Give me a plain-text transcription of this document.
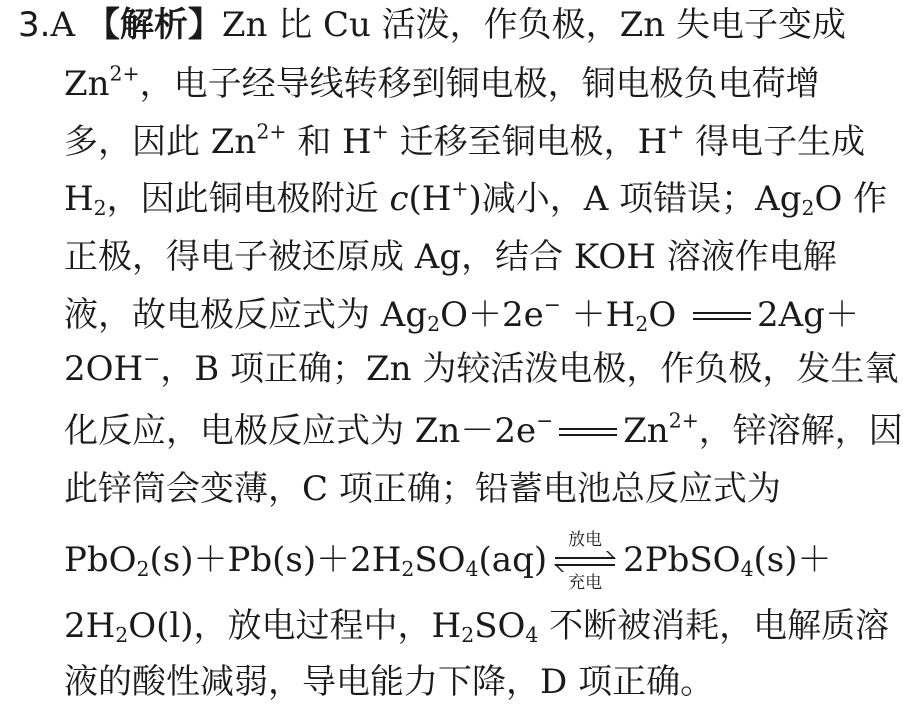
3.A 【解析】Zn 比 Cu 活泼，作负极，Zn 失电子变成
$Zn^{2+}$，电子经导线转移到铜电极，铜电极负电荷增
多，因此 $Zn^{2+}$ 和 H+ 迁移至铜电极，H+ 得电子生成
$H_2$，因此铜电极附近 c(H+)减小，A 项错误；$Ag_2O$ 作
正极，得电子被还原成 Ag，结合 KOH 溶液作电解
液，故电极反应式为 $Ag_2O+2e^- +H_2O$ 2Ag＋
2OH−，B 项正确；Zn 为较活泼电极，作负极，发生氧
化反应，电极反应式为 Zn－2e− $Zn^{2+}$，锌溶解，因
此锌筒会变薄，C 项正确；铅蓄电池总反应式为
$PbO_2(s)+Pb(s)+2H_2SO_4(aq)$	放电
充电
2PbSO$_4$(s)＋
$2H_2O(l)$，放电过程中，$H_2SO_4$ 不断被消耗，电解质溶
液的酸性减弱，导电能力下降，D 项正确。
